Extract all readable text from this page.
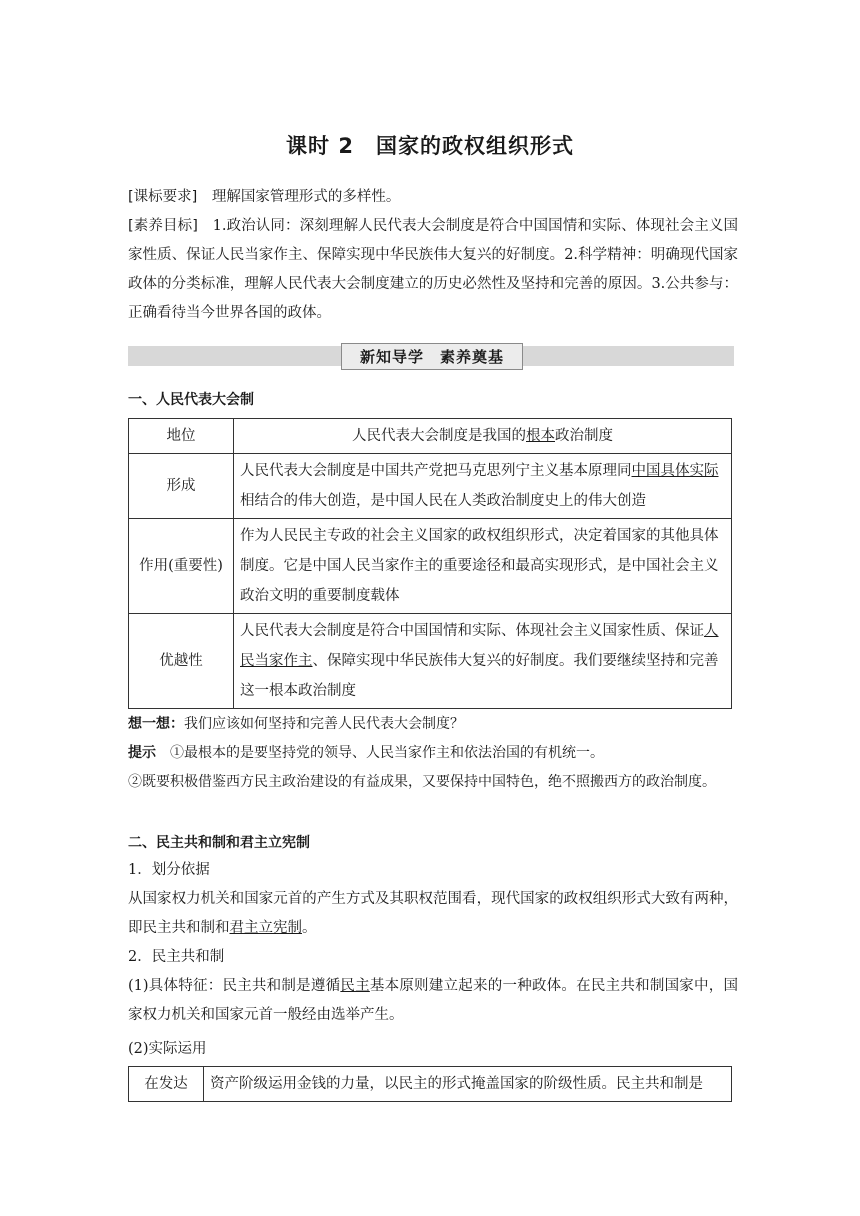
课时 2　国家的政权组织形式
[课标要求]　理解国家管理形式的多样性。
[素养目标]　1.政治认同：深刻理解人民代表大会制度是符合中国国情和实际、体现社会主义国家性质、保证人民当家作主、保障实现中华民族伟大复兴的好制度。2.科学精神：明确现代国家政体的分类标准，理解人民代表大会制度建立的历史必然性及坚持和完善的原因。3.公共参与：正确看待当今世界各国的政体。
新知导学　素养奠基
一、人民代表大会制
地位	人民代表大会制度是我国的根本政治制度
形成	人民代表大会制度是中国共产党把马克思列宁主义基本原理同中国具体实际相结合的伟大创造，是中国人民在人类政治制度史上的伟大创造
作用(重要性)	作为人民民主专政的社会主义国家的政权组织形式，决定着国家的其他具体制度。它是中国人民当家作主的重要途径和最高实现形式，是中国社会主义政治文明的重要制度载体
优越性	人民代表大会制度是符合中国国情和实际、体现社会主义国家性质、保证人民当家作主、保障实现中华民族伟大复兴的好制度。我们要继续坚持和完善这一根本政治制度
想一想：我们应该如何坚持和完善人民代表大会制度？
提示　①最根本的是要坚持党的领导、人民当家作主和依法治国的有机统一。
②既要积极借鉴西方民主政治建设的有益成果，又要保持中国特色，绝不照搬西方的政治制度。
二、民主共和制和君主立宪制
1．划分依据
从国家权力机关和国家元首的产生方式及其职权范围看，现代国家的政权组织形式大致有两种，即民主共和制和君主立宪制。
2．民主共和制
(1)具体特征：民主共和制是遵循民主基本原则建立起来的一种政体。在民主共和制国家中，国家权力机关和国家元首一般经由选举产生。
(2)实际运用
在发达	资产阶级运用金钱的力量，以民主的形式掩盖国家的阶级性质。民主共和制是
